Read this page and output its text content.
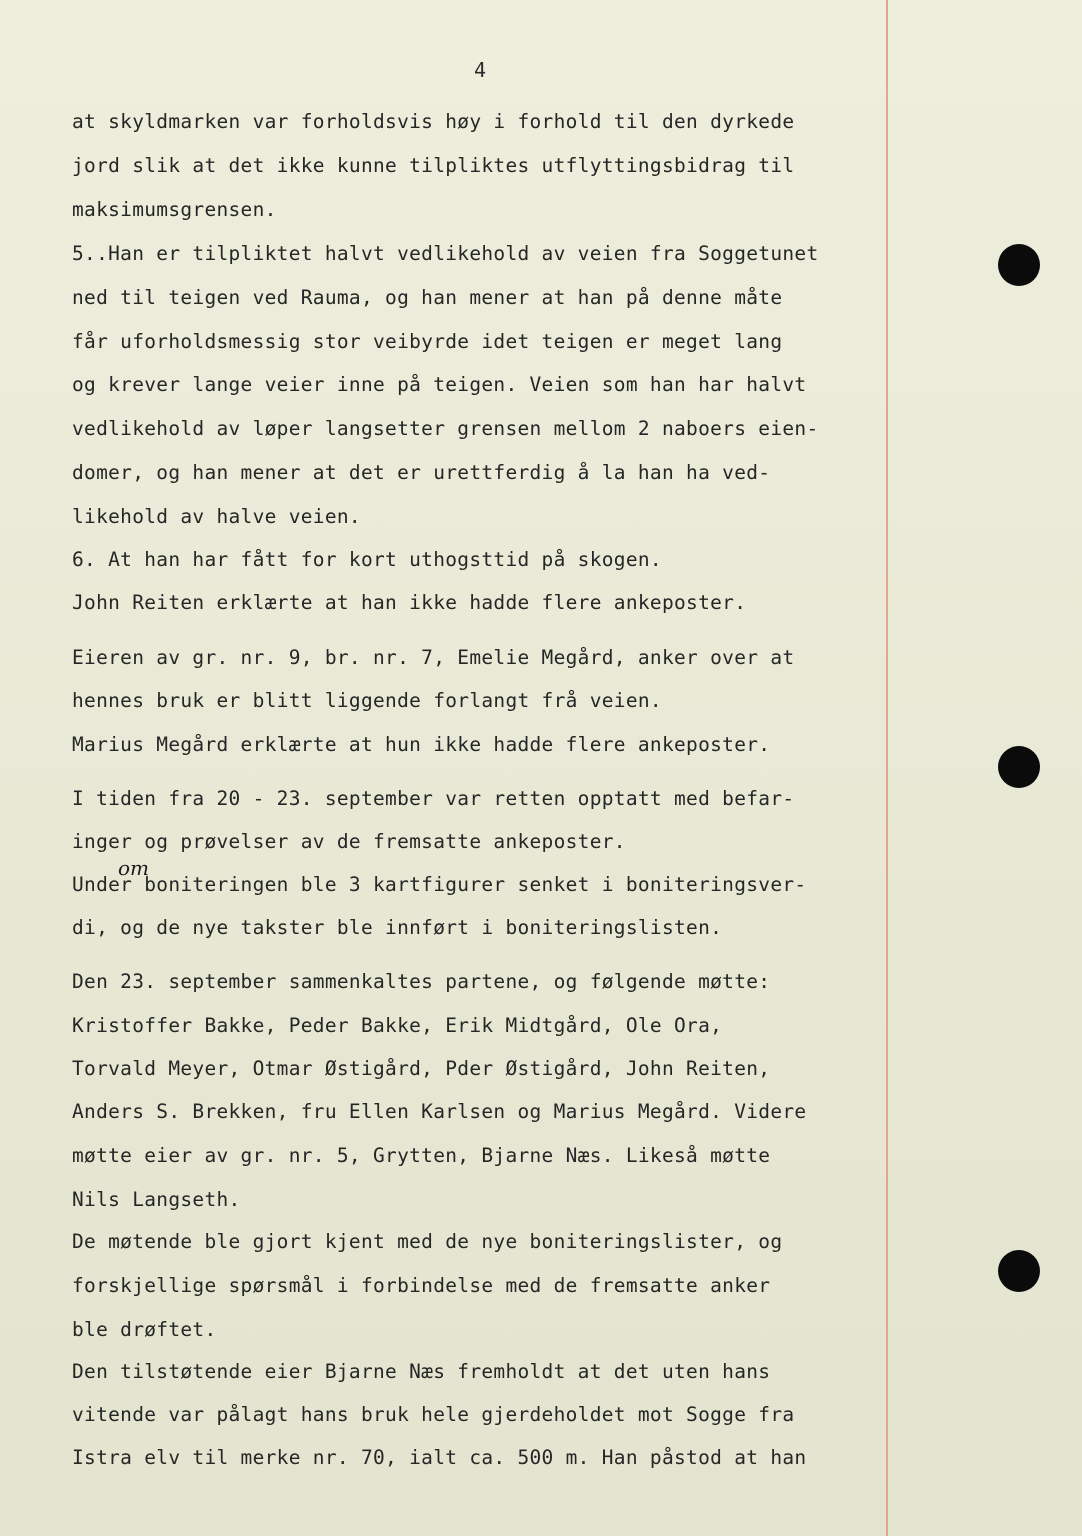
4
om
at skyldmarken var forholdsvis høy i forhold til den dyrkede
jord slik at det ikke kunne tilpliktes utflyttingsbidrag til
maksimumsgrensen.
5..Han er tilpliktet halvt vedlikehold av veien fra Soggetunet
ned til teigen ved Rauma, og han mener at han på denne måte
får uforholdsmessig stor veibyrde idet teigen er meget lang
og krever lange veier inne på teigen. Veien som han har halvt
vedlikehold av løper langsetter grensen mellom 2 naboers eien-
domer, og han mener at det er urettferdig å la han ha ved-
likehold av halve veien.
6. At han har fått for kort uthogsttid på skogen.
John Reiten erklærte at han ikke hadde flere ankeposter.
Eieren av gr. nr. 9, br. nr. 7, Emelie Megård, anker over at
hennes bruk er blitt liggende forlangt frå veien.
Marius Megård erklærte at hun ikke hadde flere ankeposter.
I tiden fra 20 - 23. september var retten opptatt med befar-
inger og prøvelser av de fremsatte ankeposter.
Under boniteringen ble 3 kartfigurer senket i boniteringsver-
di, og de nye takster ble innført i boniteringslisten.
Den 23. september sammenkaltes partene, og følgende møtte:
Kristoffer Bakke, Peder Bakke, Erik Midtgård, Ole Ora,
Torvald Meyer, Otmar Østigård, Pder Østigård, John Reiten,
Anders S. Brekken, fru Ellen Karlsen og Marius Megård. Videre
møtte eier av gr. nr. 5, Grytten, Bjarne Næs. Likeså møtte
Nils Langseth.
De møtende ble gjort kjent med de nye boniteringslister, og
forskjellige spørsmål i forbindelse med de fremsatte anker
ble drøftet.
Den tilstøtende eier Bjarne Næs fremholdt at det uten hans
vitende var pålagt hans bruk hele gjerdeholdet mot Sogge fra
Istra elv til merke nr. 70, ialt ca. 500 m. Han påstod at han
